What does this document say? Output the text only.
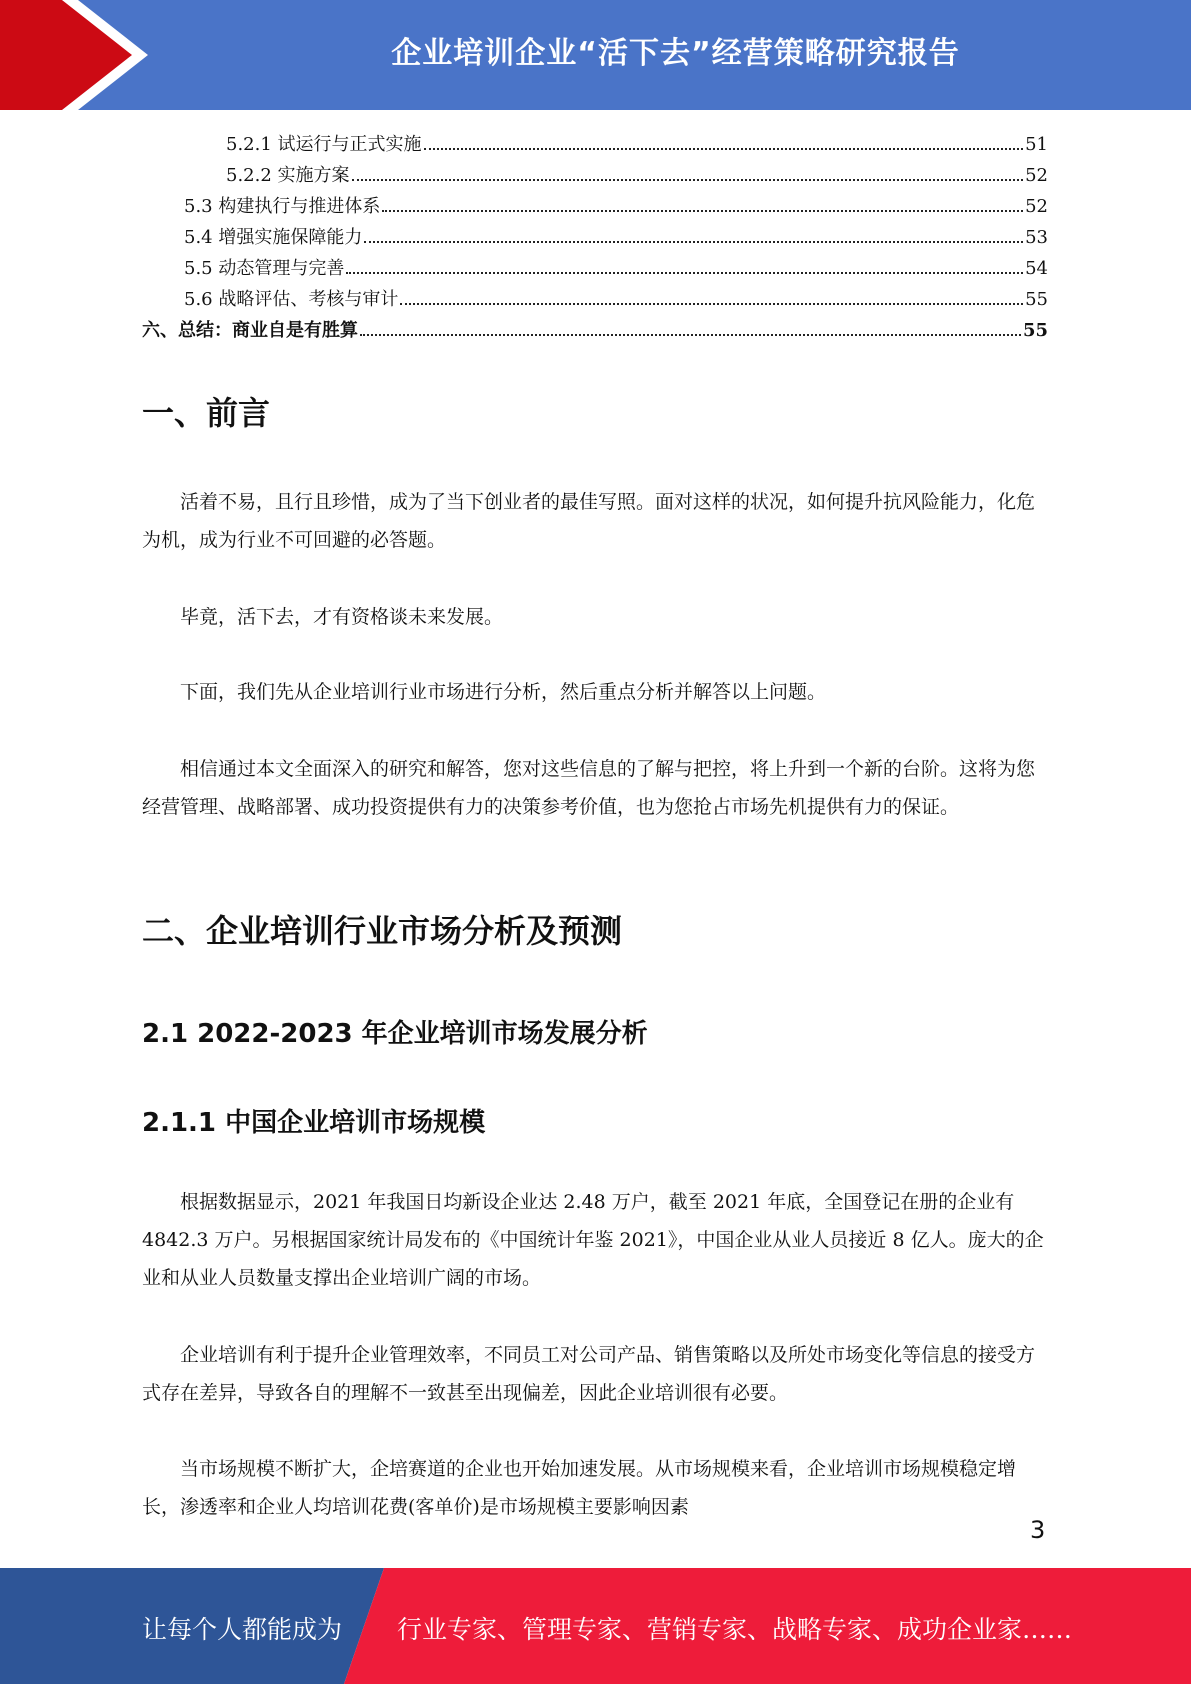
企业培训企业“活下去”经营策略研究报告
5.2.1 试运行与正式实施	51
5.2.2 实施方案	52
5.3 构建执行与推进体系	52
5.4 增强实施保障能力	53
5.5 动态管理与完善	54
5.6 战略评估、考核与审计	55
六、总结：商业自是有胜算	55
一、前言

活着不易，且行且珍惜，成为了当下创业者的最佳写照。面对这样的状况，如何提升抗风险能力，化危为机，成为行业不可回避的必答题。

毕竟，活下去，才有资格谈未来发展。

下面，我们先从企业培训行业市场进行分析，然后重点分析并解答以上问题。

相信通过本文全面深入的研究和解答，您对这些信息的了解与把控，将上升到一个新的台阶。这将为您经营管理、战略部署、成功投资提供有力的决策参考价值，也为您抢占市场先机提供有力的保证。

二、企业培训行业市场分析及预测
2.1 2022-2023 年企业培训市场发展分析
2.1.1 中国企业培训市场规模

根据数据显示，2021 年我国日均新设企业达 2.48 万户，截至 2021 年底，全国登记在册的企业有 4842.3 万户。另根据国家统计局发布的《中国统计年鉴 2021》，中国企业从业人员接近 8 亿人。庞大的企业和从业人员数量支撑出企业培训广阔的市场。

企业培训有利于提升企业管理效率，不同员工对公司产品、销售策略以及所处市场变化等信息的接受方式存在差异，导致各自的理解不一致甚至出现偏差，因此企业培训很有必要。

当市场规模不断扩大，企培赛道的企业也开始加速发展。从市场规模来看，企业培训市场规模稳定增长，渗透率和企业人均培训花费(客单价)是市场规模主要影响因素

3
让每个人都能成为 行业专家、管理专家、营销专家、战略专家、成功企业家……
